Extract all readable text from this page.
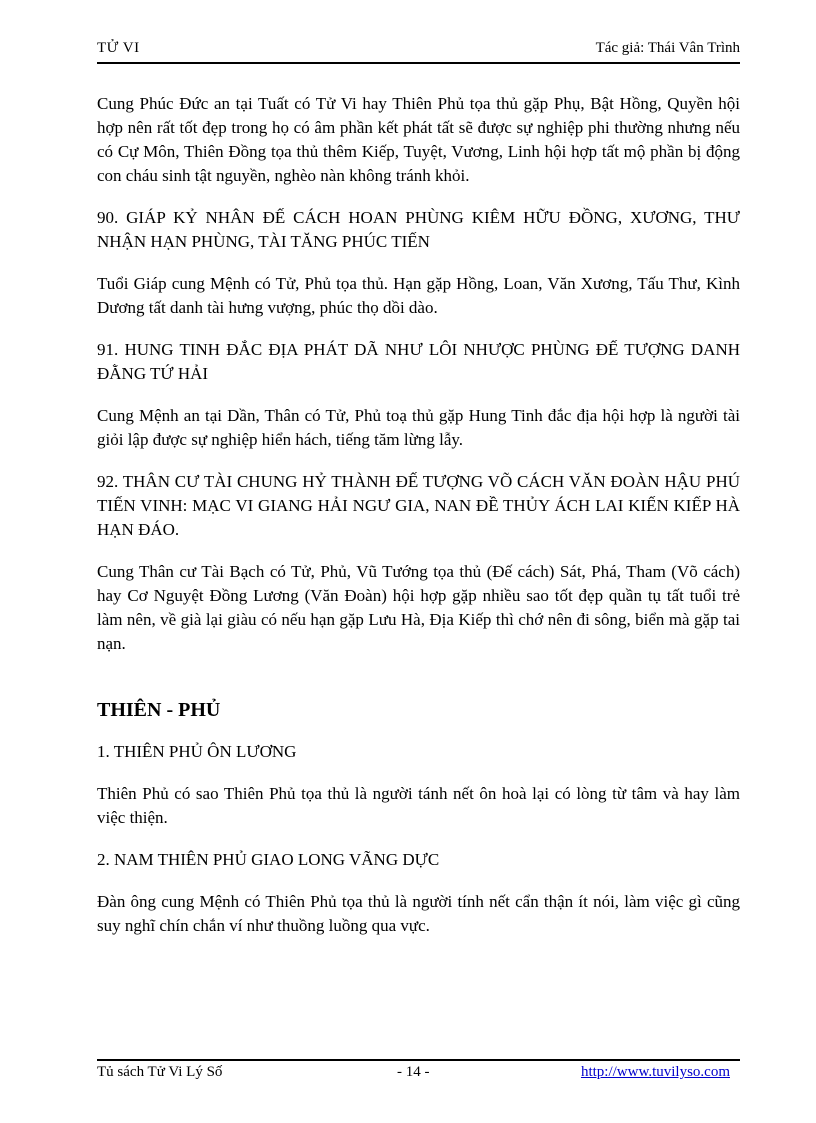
TỬ VI	Tác giả: Thái Vân Trình

Cung Phúc Đức an tại Tuất có Tử Vi hay Thiên Phủ tọa thủ gặp Phụ, Bật Hồng, Quyền hội hợp nên rất tốt đẹp trong họ có âm phần kết phát tất sẽ được sự nghiệp phi thường nhưng nếu có Cự Môn, Thiên Đồng tọa thủ thêm Kiếp, Tuyệt, Vương, Linh hội hợp tất mộ phần bị động con cháu sinh tật nguyền, nghèo nàn không tránh khỏi.

90. GIÁP KỶ NHÂN ĐẾ CÁCH HOAN PHÙNG KIÊM HỮU ĐỒNG, XƯƠNG, THƯ NHẬN HẠN PHÙNG, TÀI TĂNG PHÚC TIẾN

Tuổi Giáp cung Mệnh có Tử, Phủ tọa thủ. Hạn gặp Hồng, Loan, Văn Xương, Tấu Thư, Kình Dương tất danh tài hưng vượng, phúc thọ dồi dào.

91. HUNG TINH ĐẮC ĐỊA PHÁT DÃ NHƯ LÔI NHƯỢC PHÙNG ĐẾ TƯỢNG DANH ĐẰNG TỨ HẢI

Cung Mệnh an tại Dần, Thân có Tử, Phủ toạ thủ gặp Hung Tinh đắc địa hội hợp là người tài giỏi lập được sự nghiệp hiển hách, tiếng tăm lừng lẫy.

92. THÂN CƯ TÀI CHUNG HỶ THÀNH ĐẾ TƯỢNG VÕ CÁCH VĂN ĐOÀN HẬU PHÚ TIẾN VINH: MẠC VI GIANG HẢI NGƯ GIA, NAN ĐỀ THỦY ÁCH LAI KIẾN KIẾP HÀ HẠN ĐÁO.

Cung Thân cư Tài Bạch có Tử, Phủ, Vũ Tướng tọa thủ (Đế cách) Sát, Phá, Tham (Võ cách) hay Cơ Nguyệt Đồng Lương (Văn Đoàn) hội hợp gặp nhiều sao tốt đẹp quần tụ tất tuổi trẻ làm nên, về già lại giàu có nếu hạn gặp Lưu Hà, Địa Kiếp thì chớ nên đi sông, biển mà gặp tai nạn.

THIÊN - PHỦ

1. THIÊN PHỦ ÔN LƯƠNG

Thiên Phủ có sao Thiên Phủ tọa thủ là người tánh nết ôn hoà lại có lòng từ tâm và hay làm việc thiện.

2. NAM THIÊN PHỦ GIAO LONG VÃNG DỰC

Đàn ông cung Mệnh có Thiên Phủ tọa thủ là người tính nết cẩn thận ít nói, làm việc gì cũng suy nghĩ chín chắn ví như thuồng luồng qua vực.

Tủ sách Tử Vi Lý Số	- 14 -	http://www.tuvilyso.com
